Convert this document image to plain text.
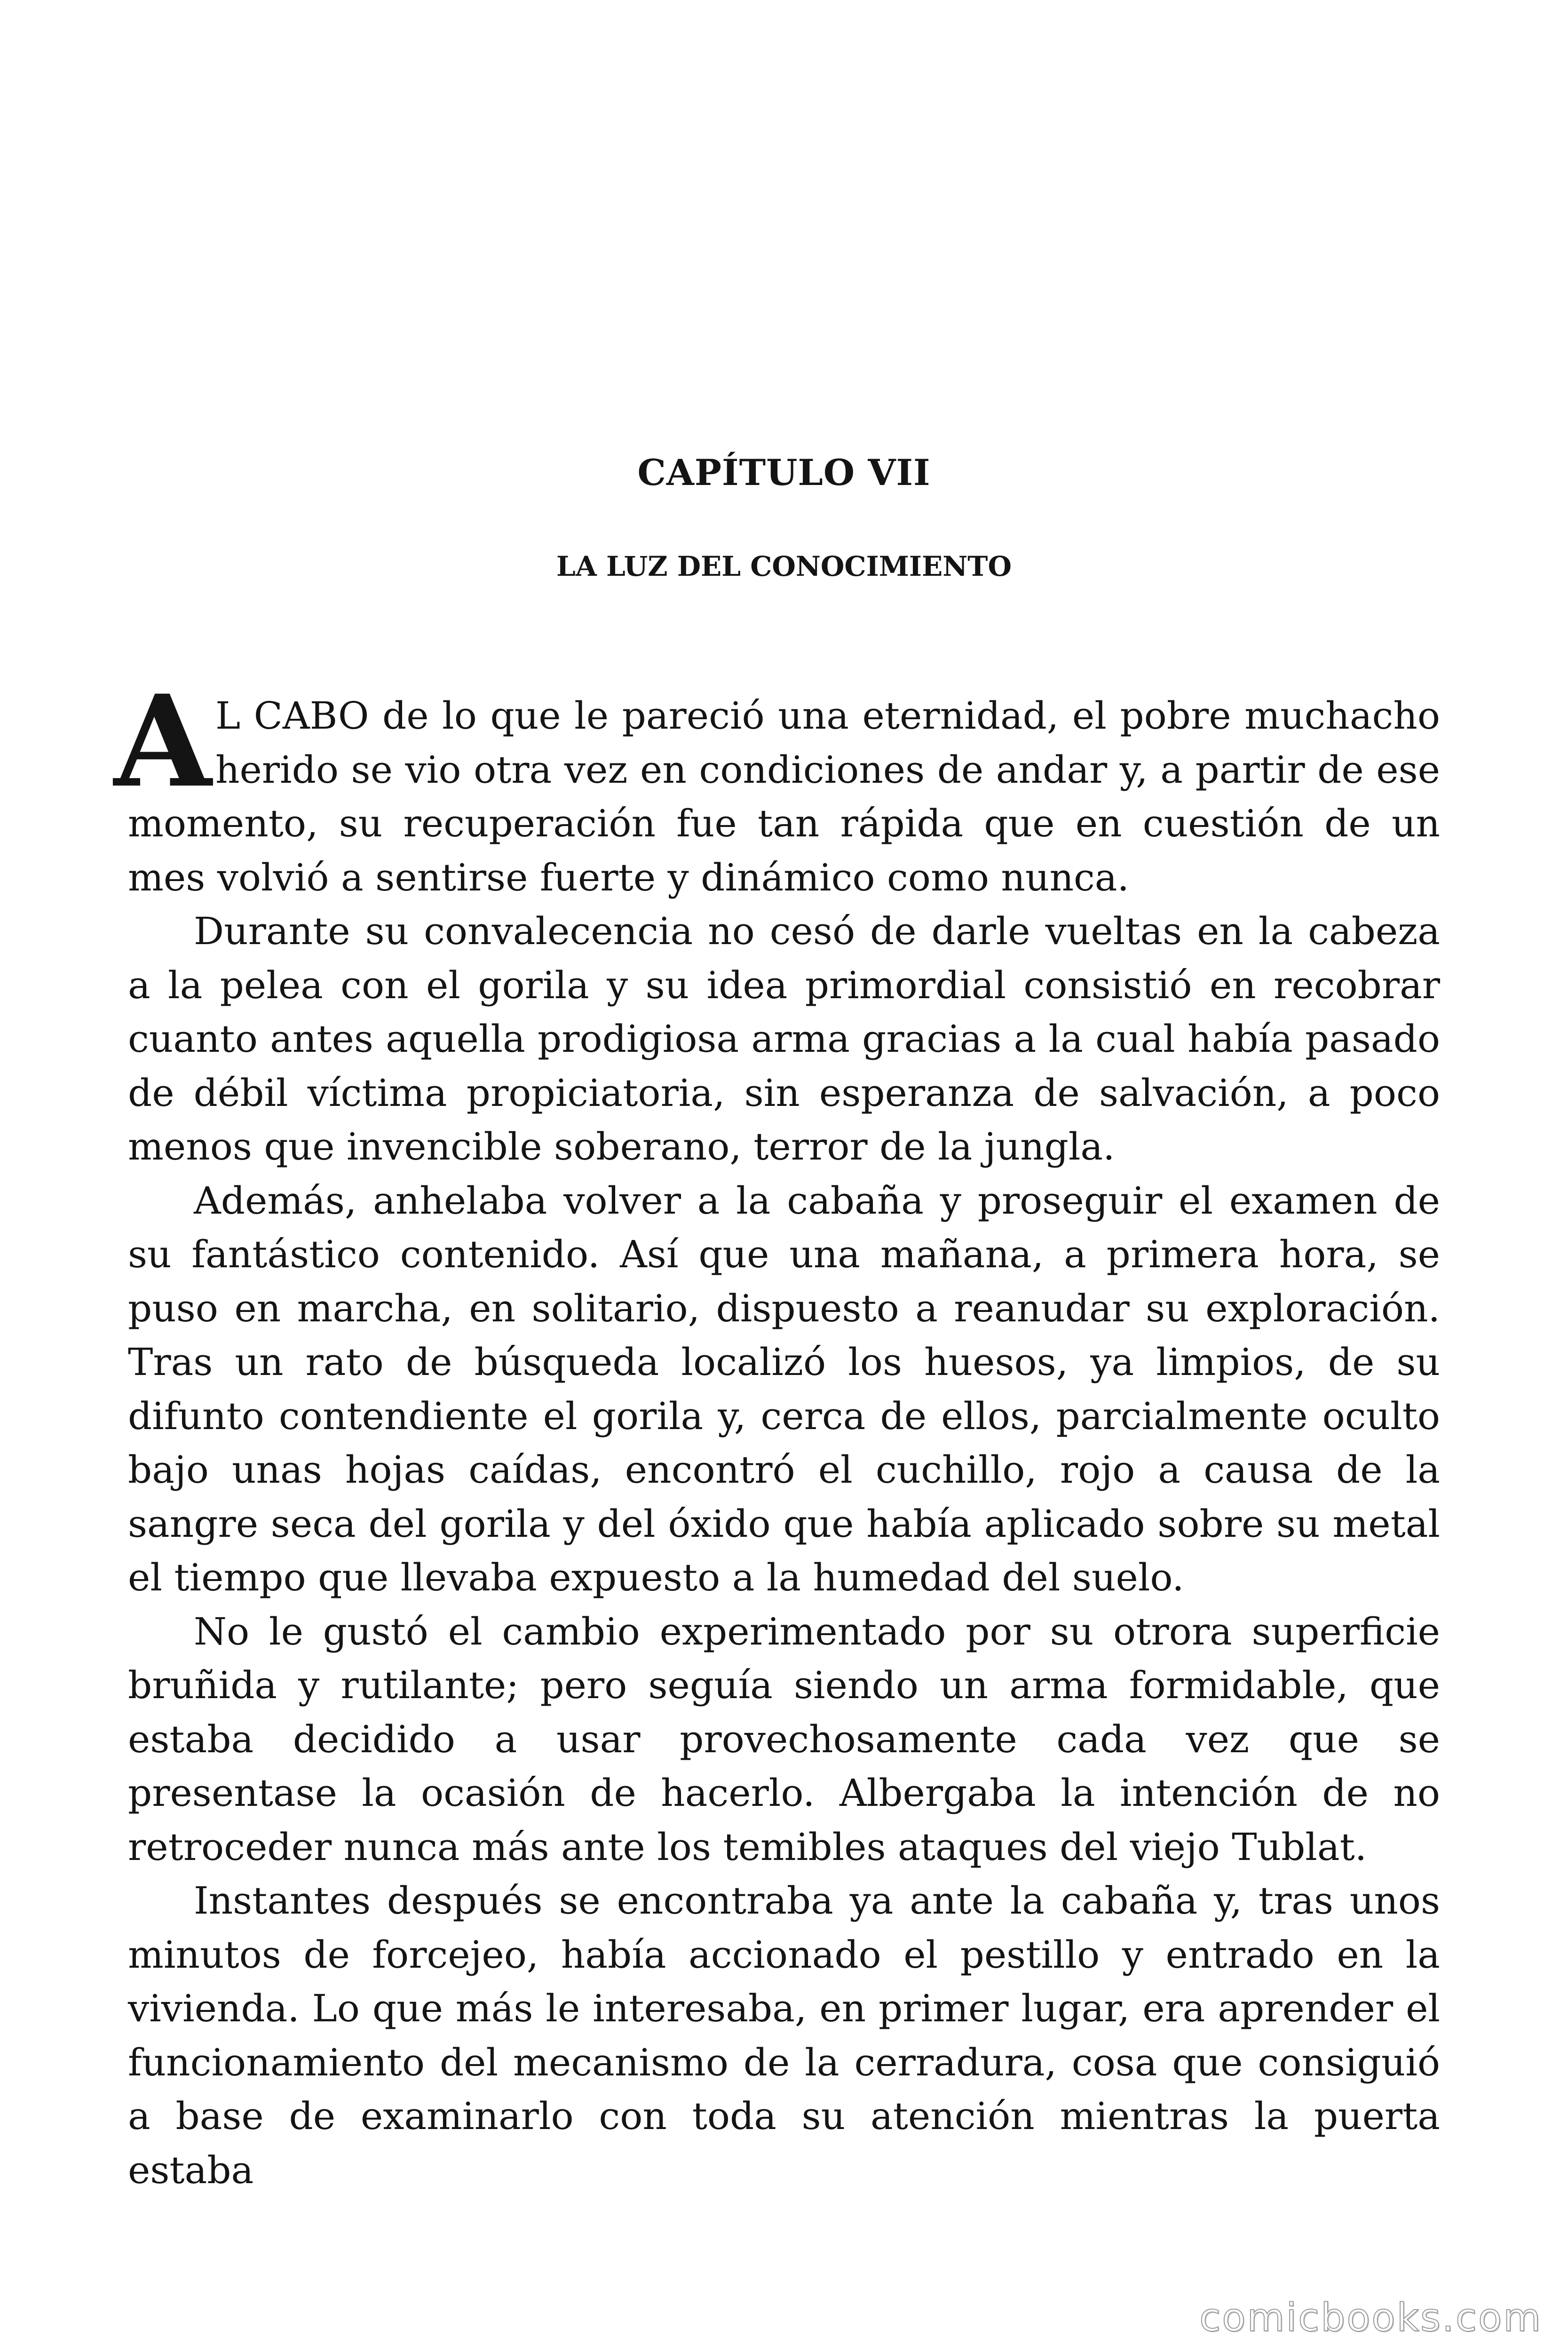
CAPÍTULO VII
LA LUZ DEL CONOCIMIENTO

A L CABO de lo que le pareció una eternidad, el pobre muchacho herido se vio otra vez en condiciones de andar y, a partir de ese momento, su recuperación fue tan rápida que en cuestión de un mes volvió a sentirse fuerte y dinámico como nunca.

Durante su convalecencia no cesó de darle vueltas en la cabeza a la pelea con el gorila y su idea primordial consistió en recobrar cuanto antes aquella prodigiosa arma gracias a la cual había pasado de débil víctima propiciatoria, sin esperanza de salvación, a poco menos que invencible soberano, terror de la jungla.

Además, anhelaba volver a la cabaña y proseguir el examen de su fantástico contenido. Así que una mañana, a primera hora, se puso en marcha, en solitario, dispuesto a reanudar su exploración. Tras un rato de búsqueda localizó los huesos, ya limpios, de su difunto contendiente el gorila y, cerca de ellos, parcialmente oculto bajo unas hojas caídas, encontró el cuchillo, rojo a causa de la sangre seca del gorila y del óxido que había aplicado sobre su metal el tiempo que llevaba expuesto a la humedad del suelo.

No le gustó el cambio experimentado por su otrora superficie bruñida y rutilante; pero seguía siendo un arma formidable, que estaba decidido a usar provechosamente cada vez que se presentase la ocasión de hacerlo. Albergaba la intención de no retroceder nunca más ante los temibles ataques del viejo Tublat.

Instantes después se encontraba ya ante la cabaña y, tras unos minutos de forcejeo, había accionado el pestillo y entrado en la vivienda. Lo que más le interesaba, en primer lugar, era aprender el funcionamiento del mecanismo de la cerradura, cosa que consiguió a base de examinarlo con toda su atención mientras la puerta estaba

comicbooks.com
